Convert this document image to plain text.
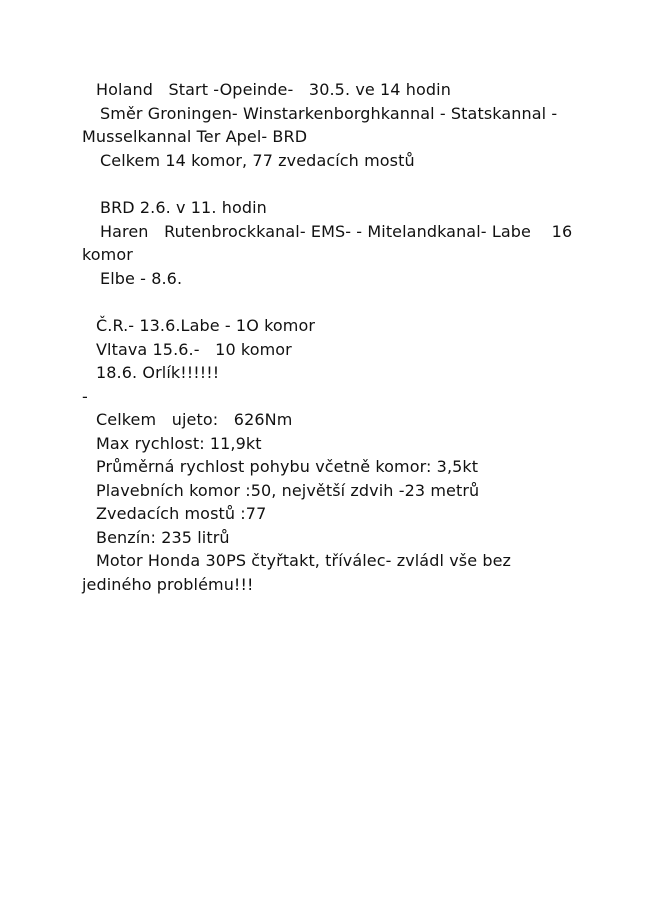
Holand   Start -Opeinde-   30.5. ve 14 hodin
Směr Groningen- Winstarkenborghkannal - Statskannal -
Musselkannal Ter Apel- BRD
Celkem 14 komor, 77 zvedacích mostů
BRD 2.6. v 11. hodin
Haren   Rutenbrockkanal- EMS- - Mitelandkanal- Labe    16
komor
Elbe - 8.6.
Č.R.- 13.6.Labe - 1O komor
Vltava 15.6.-   10 komor
18.6. Orlík!!!!!!
-
Celkem   ujeto:   626Nm
Max rychlost: 11,9kt
Průměrná rychlost pohybu včetně komor: 3,5kt
Plavebních komor :50, největší zdvih -23 metrů
Zvedacích mostů :77
Benzín: 235 litrů
Motor Honda 30PS čtyřtakt, tříválec- zvládl vše bez
jediného problému!!!
